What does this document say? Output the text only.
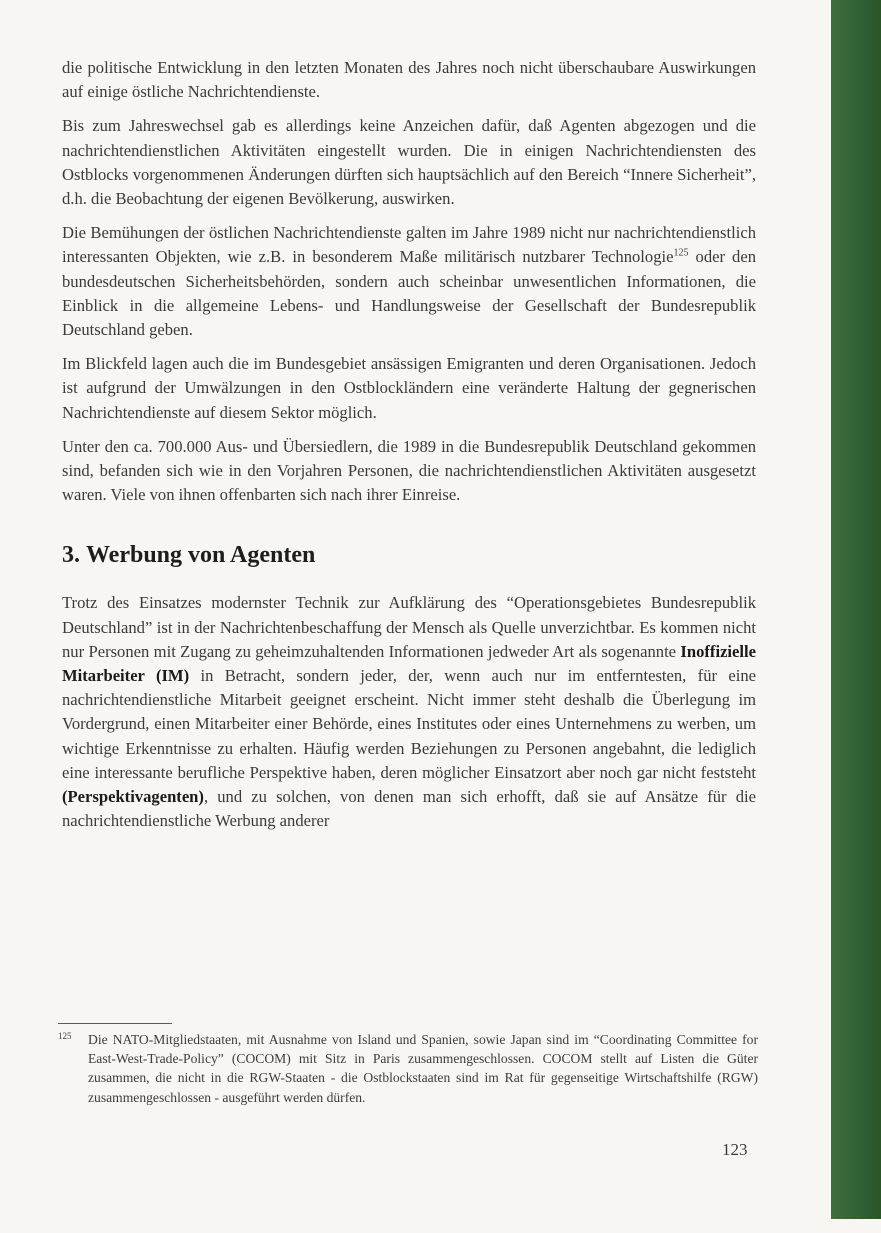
die politische Entwicklung in den letzten Monaten des Jahres noch nicht überschaubare Auswirkungen auf einige östliche Nachrichtendienste.

Bis zum Jahreswechsel gab es allerdings keine Anzeichen dafür, daß Agenten abgezogen und die nachrichtendienstlichen Aktivitäten eingestellt wurden. Die in einigen Nachrichtendiensten des Ostblocks vorgenommenen Änderungen dürften sich hauptsächlich auf den Bereich “Innere Sicherheit”, d.h. die Beobachtung der eigenen Bevölkerung, auswirken.

Die Bemühungen der östlichen Nachrichtendienste galten im Jahre 1989 nicht nur nachrichtendienstlich interessanten Objekten, wie z.B. in besonderem Maße militärisch nutzbarer Technologie$^{125}$ oder den bundesdeutschen Sicherheitsbehörden, sondern auch scheinbar unwesentlichen Informationen, die Einblick in die allgemeine Lebens- und Handlungsweise der Gesellschaft der Bundesrepublik Deutschland geben.

Im Blickfeld lagen auch die im Bundesgebiet ansässigen Emigranten und deren Organisationen. Jedoch ist aufgrund der Umwälzungen in den Ostblockländern eine veränderte Haltung der gegnerischen Nachrichtendienste auf diesem Sektor möglich.

Unter den ca. 700.000 Aus- und Übersiedlern, die 1989 in die Bundesrepublik Deutschland gekommen sind, befanden sich wie in den Vorjahren Personen, die nachrichtendienstlichen Aktivitäten ausgesetzt waren. Viele von ihnen offenbarten sich nach ihrer Einreise.

3. Werbung von Agenten

Trotz des Einsatzes modernster Technik zur Aufklärung des “Operationsgebietes Bundesrepublik Deutschland” ist in der Nachrichtenbeschaffung der Mensch als Quelle unverzichtbar. Es kommen nicht nur Personen mit Zugang zu geheimzuhaltenden Informationen jedweder Art als sogenannte Inoffizielle Mitarbeiter (IM) in Betracht, sondern jeder, der, wenn auch nur im entferntesten, für eine nachrichtendienstliche Mitarbeit geeignet erscheint. Nicht immer steht deshalb die Überlegung im Vordergrund, einen Mitarbeiter einer Behörde, eines Institutes oder eines Unternehmens zu werben, um wichtige Erkenntnisse zu erhalten. Häufig werden Beziehungen zu Personen angebahnt, die lediglich eine interessante berufliche Perspektive haben, deren möglicher Einsatzort aber noch gar nicht feststeht (Perspektivagenten), und zu solchen, von denen man sich erhofft, daß sie auf Ansätze für die nachrichtendienstliche Werbung anderer

125 Die NATO-Mitgliedstaaten, mit Ausnahme von Island und Spanien, sowie Japan sind im “Coordinating Committee for East-West-Trade-Policy” (COCOM) mit Sitz in Paris zusammengeschlossen. COCOM stellt auf Listen die Güter zusammen, die nicht in die RGW-Staaten - die Ostblockstaaten sind im Rat für gegenseitige Wirtschaftshilfe (RGW) zusammengeschlossen - ausgeführt werden dürfen.
123
